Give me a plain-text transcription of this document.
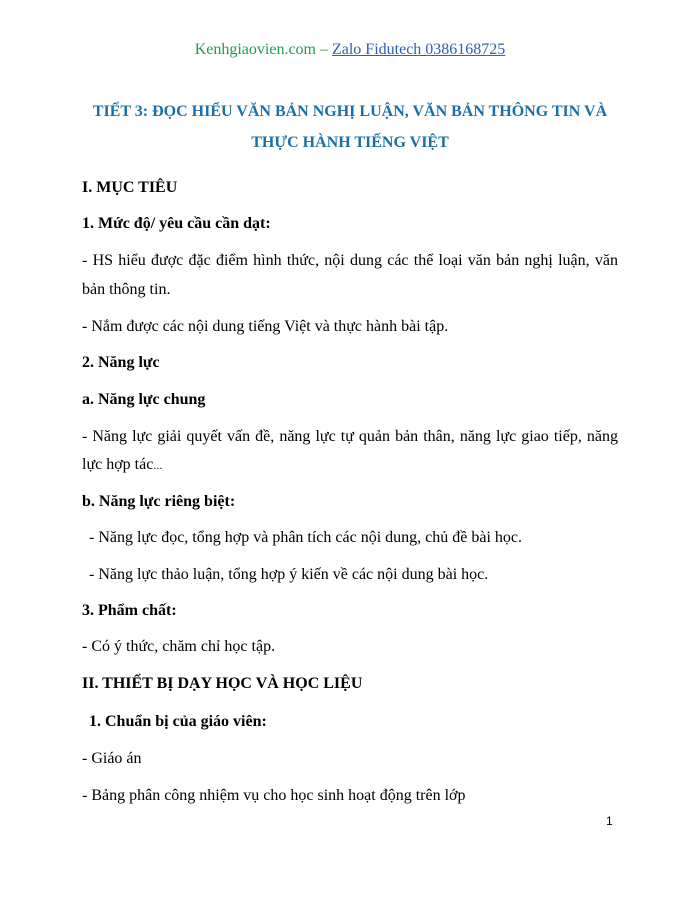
Kenhgiaovien.com – Zalo Fidutech 0386168725
TIẾT 3: ĐỌC HIỂU VĂN BẢN NGHỊ LUẬN, VĂN BẢN THÔNG TIN VÀ
THỰC HÀNH TIẾNG VIỆT
I. MỤC TIÊU
1. Mức độ/ yêu cầu cần dạt:
- HS hiểu được đặc điểm hình thức, nội dung các thể loại văn bản nghị luận, văn
bản thông tin.
- Nắm được các nội dung tiếng Việt và thực hành bài tập.
2. Năng lực
a. Năng lực chung
- Năng lực giải quyết vấn đề, năng lực tự quản bản thân, năng lực giao tiếp, năng
lực hợp tác...
b. Năng lực riêng biệt:
- Năng lực đọc, tổng hợp và phân tích các nội dung, chủ đề bài học.
- Năng lực thảo luận, tổng hợp ý kiến về các nội dung bài học.
3. Phẩm chất:
- Có ý thức, chăm chỉ học tập.
II. THIẾT BỊ DẠY HỌC VÀ HỌC LIỆU
1. Chuẩn bị của giáo viên:
- Giáo án
- Bảng phân công nhiệm vụ cho học sinh hoạt động trên lớp
1
